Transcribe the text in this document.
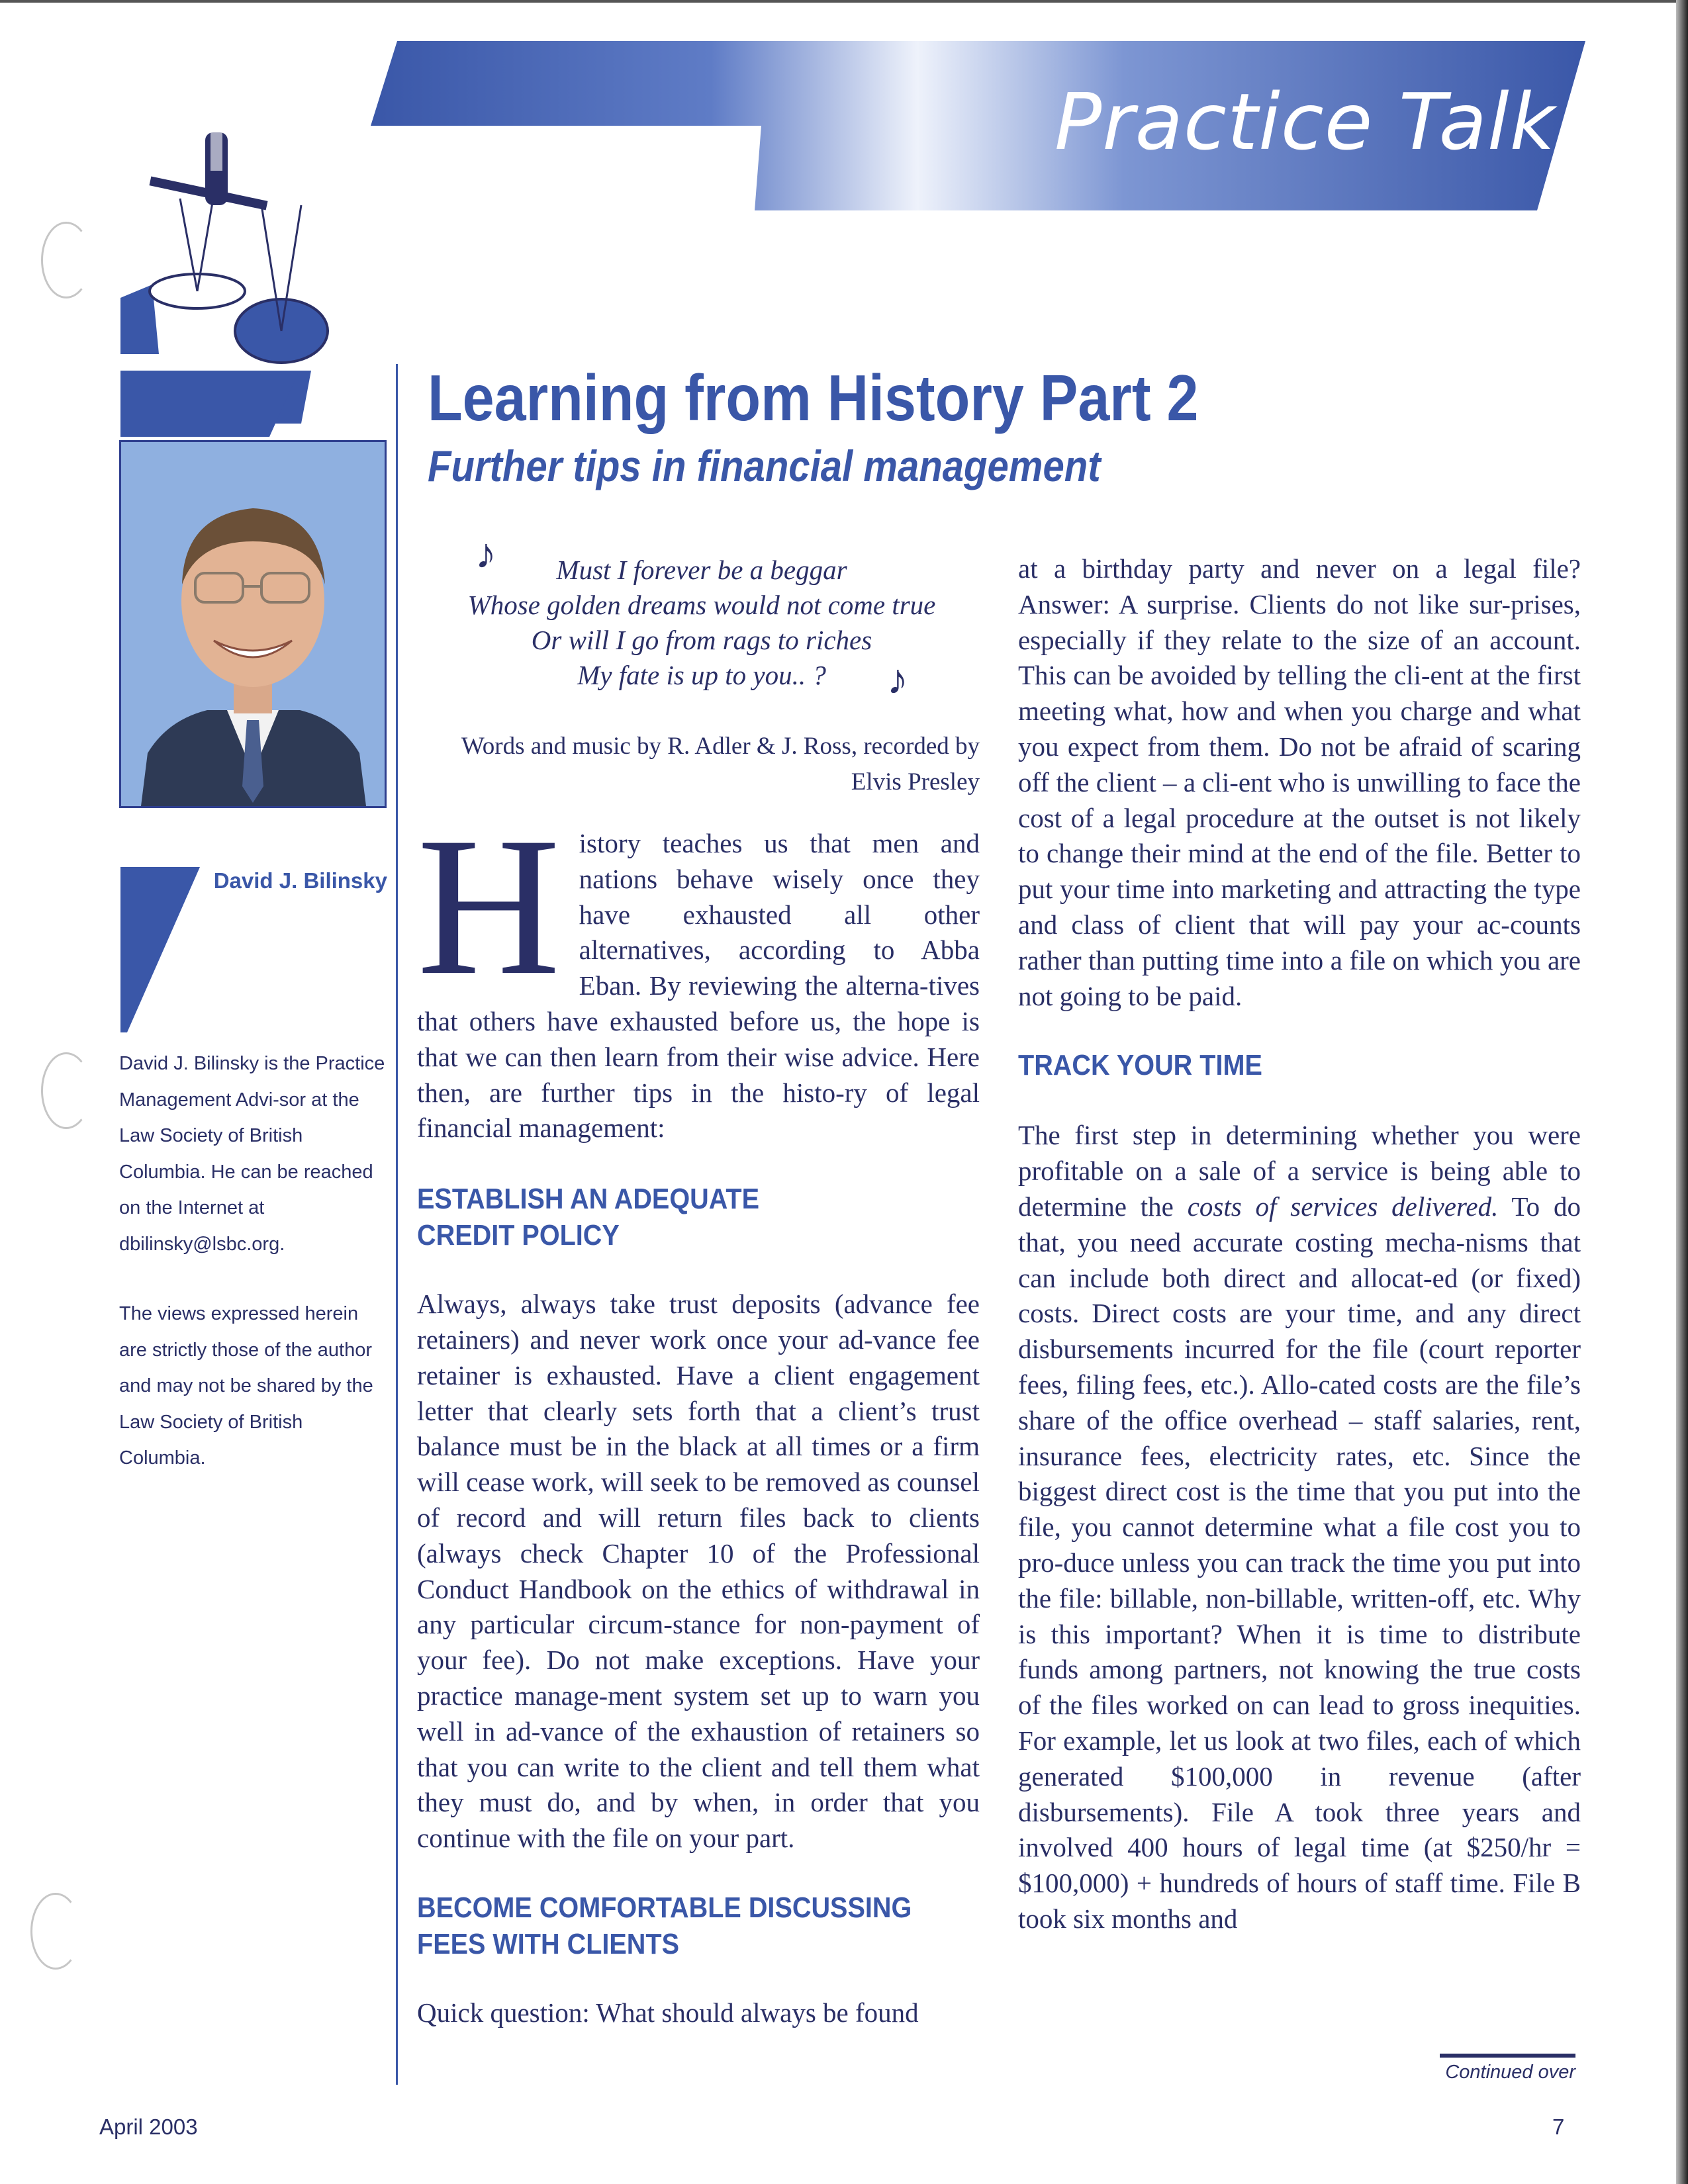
Practice Talk
David J. Bilinsky
David J. Bilinsky is the Practice Management Advi-sor at the Law Society of British Columbia. He can be reached on the Internet at dbilinsky@lsbc.org.
The views expressed herein are strictly those of the author and may not be shared by the Law Society of British Columbia.
Learning from History Part 2
Further tips in financial management
♪
♪
Must I forever be a beggar
Whose golden dreams would not come true
Or will I go from rags to riches
My fate is up to you.. ?
Words and music by R. Adler & J. Ross, recorded by Elvis Presley

H istory teaches us that men and nations behave wisely once they have exhausted all other alternatives, according to Abba Eban. By reviewing the alterna-tives that others have exhausted before us, the hope is that we can then learn from their wise advice. Here then, are further tips in the histo-ry of legal financial management:

ESTABLISH AN ADEQUATE CREDIT POLICY

Always, always take trust deposits (advance fee retainers) and never work once your ad-vance fee retainer is exhausted. Have a client engagement letter that clearly sets forth that a client’s trust balance must be in the black at all times or a firm will cease work, will seek to be removed as counsel of record and will return files back to clients (always check Chapter 10 of the Professional Conduct Handbook on the ethics of withdrawal in any particular circum-stance for non-payment of your fee). Do not make exceptions. Have your practice manage-ment system set up to warn you well in ad-vance of the exhaustion of retainers so that you can write to the client and tell them what they must do, and by when, in order that you continue with the file on your part.

BECOME COMFORTABLE DISCUSSING FEES WITH CLIENTS

Quick question: What should always be found

at a birthday party and never on a legal file? Answer: A surprise. Clients do not like sur-prises, especially if they relate to the size of an account. This can be avoided by telling the cli-ent at the first meeting what, how and when you charge and what you expect from them. Do not be afraid of scaring off the client – a cli-ent who is unwilling to face the cost of a legal procedure at the outset is not likely to change their mind at the end of the file. Better to put your time into marketing and attracting the type and class of client that will pay your ac-counts rather than putting time into a file on which you are not going to be paid.

TRACK YOUR TIME

The first step in determining whether you were profitable on a sale of a service is being able to determine the costs of services delivered. To do that, you need accurate costing mecha-nisms that can include both direct and allocat-ed (or fixed) costs. Direct costs are your time, and any direct disbursements incurred for the file (court reporter fees, filing fees, etc.). Allo-cated costs are the file’s share of the office overhead – staff salaries, rent, insurance fees, electricity rates, etc. Since the biggest direct cost is the time that you put into the file, you cannot determine what a file cost you to pro-duce unless you can track the time you put into the file: billable, non-billable, written-off, etc. Why is this important? When it is time to distribute funds among partners, not knowing the true costs of the files worked on can lead to gross inequities. For example, let us look at two files, each of which generated $100,000 in revenue (after disbursements). File A took three years and involved 400 hours of legal time (at $250/hr = $100,000) + hundreds of hours of staff time. File B took six months and

Continued over
April 2003	7
